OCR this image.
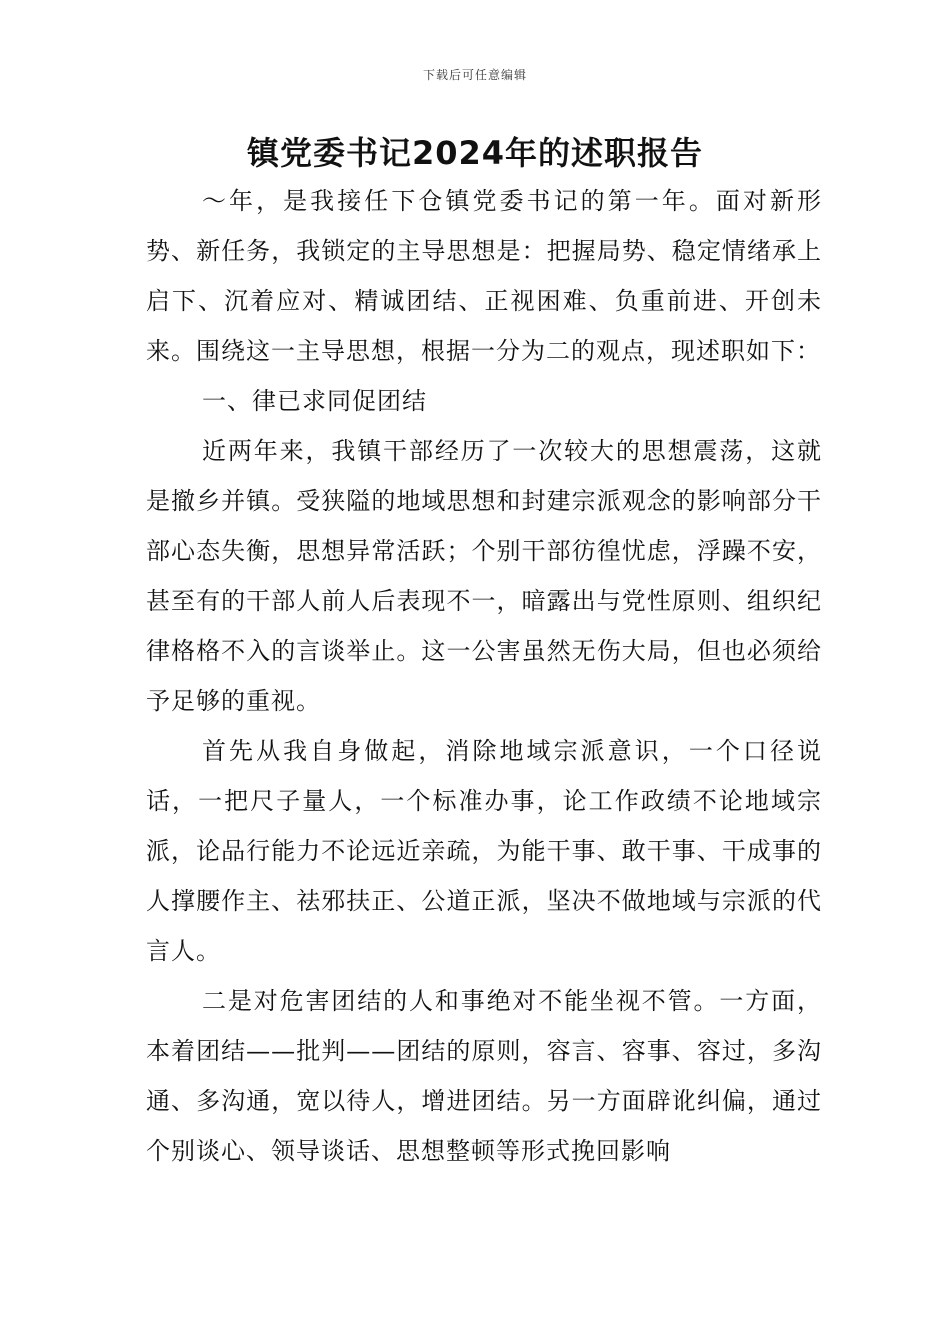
下载后可任意编辑
镇党委书记2024年的述职报告

～年，是我接任下仓镇党委书记的第一年。面对新形势、新任务，我锁定的主导思想是：把握局势、稳定情绪承上启下、沉着应对、精诚团结、正视困难、负重前进、开创未来。围绕这一主导思想，根据一分为二的观点，现述职如下：

一、律已求同促团结

近两年来，我镇干部经历了一次较大的思想震荡，这就是撤乡并镇。受狭隘的地域思想和封建宗派观念的影响部分干部心态失衡，思想异常活跃；个别干部彷徨忧虑，浮躁不安，甚至有的干部人前人后表现不一，暗露出与党性原则、组织纪律格格不入的言谈举止。这一公害虽然无伤大局，但也必须给予足够的重视。

首先从我自身做起，消除地域宗派意识，一个口径说话，一把尺子量人，一个标准办事，论工作政绩不论地域宗派，论品行能力不论远近亲疏，为能干事、敢干事、干成事的人撑腰作主、祛邪扶正、公道正派，坚决不做地域与宗派的代言人。

二是对危害团结的人和事绝对不能坐视不管。一方面，本着团结——批判——团结的原则，容言、容事、容过，多沟通、多沟通，宽以待人，增进团结。另一方面辟讹纠偏，通过个别谈心、领导谈话、思想整顿等形式挽回影响
